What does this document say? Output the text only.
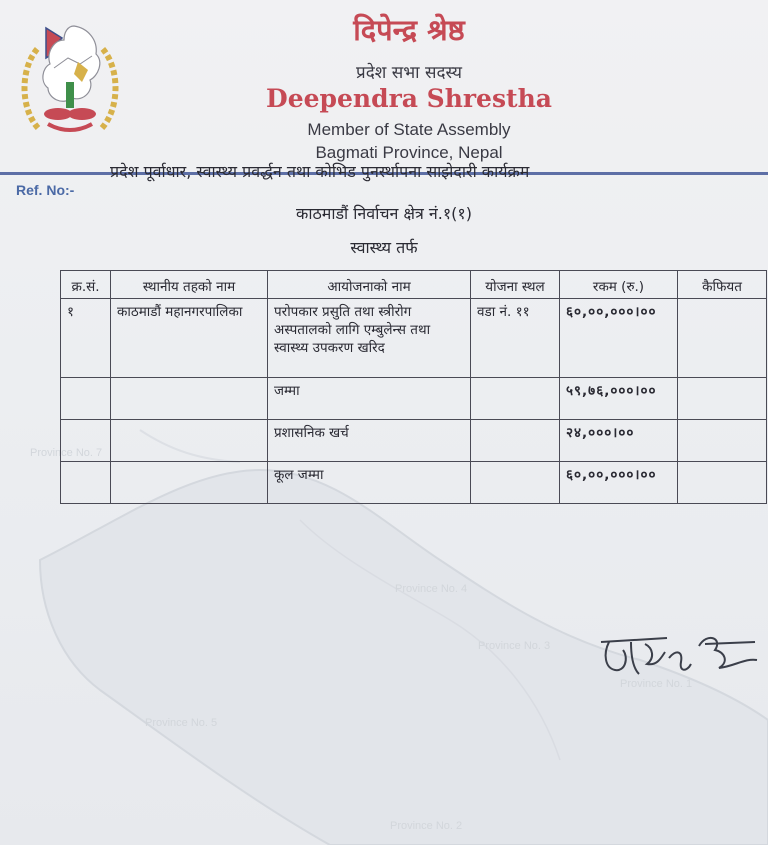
Province No. 7
Province No. 4
Province No. 3
Province No. 1
Province No. 5
Province No. 2
दिपेन्द्र श्रेष्ठ
प्रदेश सभा सदस्य
Deependra Shrestha
Member of State Assembly
Bagmati Province, Nepal
प्रदेश पूर्वाधार, स्वास्थ्य प्रवर्द्धन तथा कोभिड पुनर्स्थापना साझेदारी कार्यक्रम
Ref. No:-
काठमाडौं निर्वाचन क्षेत्र नं.१(१)
स्वास्थ्य तर्फ
क्र.सं.	स्थानीय तहको नाम	आयोजनाको नाम	योजना स्थल	रकम (रु.)	कैफियत
१	काठमाडौं महानगरपालिका	परोपकार प्रसुति तथा स्त्रीरोग अस्पतालको लागि एम्बुलेन्स तथा स्वास्थ्य उपकरण खरिद	वडा नं. ११	६०,००,०००।००	
		जम्मा		५९,७६,०००।००	
		प्रशासनिक खर्च		२४,०००।००	
		कूल जम्मा		६०,००,०००।००	
